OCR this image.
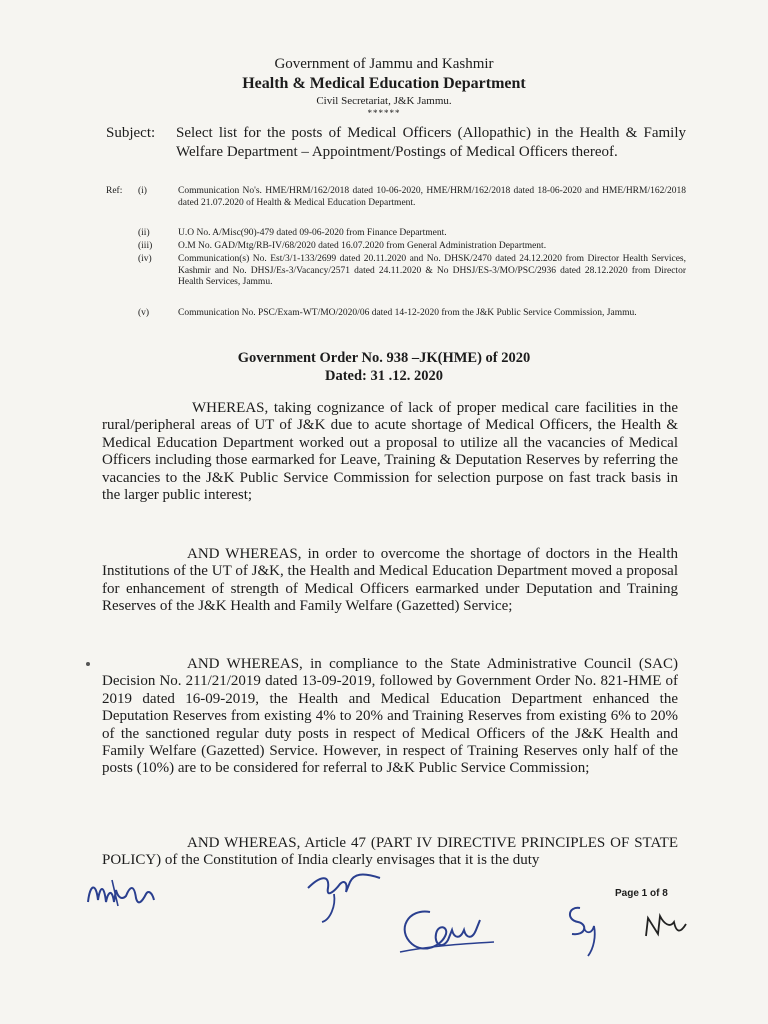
Government of Jammu and Kashmir
Health & Medical Education Department
Civil Secretariat, J&K Jammu.
******
Subject: Select list for the posts of Medical Officers (Allopathic) in the Health & Family Welfare Department – Appointment/Postings of Medical Officers thereof.
Ref: (i)	Communication No's. HME/HRM/162/2018 dated 10-06-2020, HME/HRM/162/2018 dated 18-06-2020 and HME/HRM/162/2018 dated 21.07.2020 of Health & Medical Education Department.
(ii)	U.O No. A/Misc(90)-479 dated 09-06-2020 from Finance Department.
(iii)	O.M No. GAD/Mtg/RB-IV/68/2020 dated 16.07.2020 from General Administration Department.
(iv)	Communication(s) No. Est/3/1-133/2699 dated 20.11.2020 and No. DHSK/2470 dated 24.12.2020 from Director Health Services, Kashmir and No. DHSJ/Es-3/Vacancy/2571 dated 24.11.2020 & No DHSJ/ES-3/MO/PSC/2936 dated 28.12.2020 from Director Health Services, Jammu.
(v)	Communication No. PSC/Exam-WT/MO/2020/06 dated 14-12-2020 from the J&K Public Service Commission, Jammu.
Government Order No. 938 –JK(HME) of 2020
Dated: 31 .12. 2020
WHEREAS, taking cognizance of lack of proper medical care facilities in the rural/peripheral areas of UT of J&K due to acute shortage of Medical Officers, the Health & Medical Education Department worked out a proposal to utilize all the vacancies of Medical Officers including those earmarked for Leave, Training & Deputation Reserves by referring the vacancies to the J&K Public Service Commission for selection purpose on fast track basis in the larger public interest;
AND WHEREAS, in order to overcome the shortage of doctors in the Health Institutions of the UT of J&K, the Health and Medical Education Department moved a proposal for enhancement of strength of Medical Officers earmarked under Deputation and Training Reserves of the J&K Health and Family Welfare (Gazetted) Service;
AND WHEREAS, in compliance to the State Administrative Council (SAC) Decision No. 211/21/2019 dated 13-09-2019, followed by Government Order No. 821-HME of 2019 dated 16-09-2019, the Health and Medical Education Department enhanced the Deputation Reserves from existing 4% to 20% and Training Reserves from existing 6% to 20% of the sanctioned regular duty posts in respect of Medical Officers of the J&K Health and Family Welfare (Gazetted) Service. However, in respect of Training Reserves only half of the posts (10%) are to be considered for referral to J&K Public Service Commission;
AND WHEREAS, Article 47 (PART IV DIRECTIVE PRINCIPLES OF STATE POLICY) of the Constitution of India clearly envisages that it is the duty
Page 1 of 8
